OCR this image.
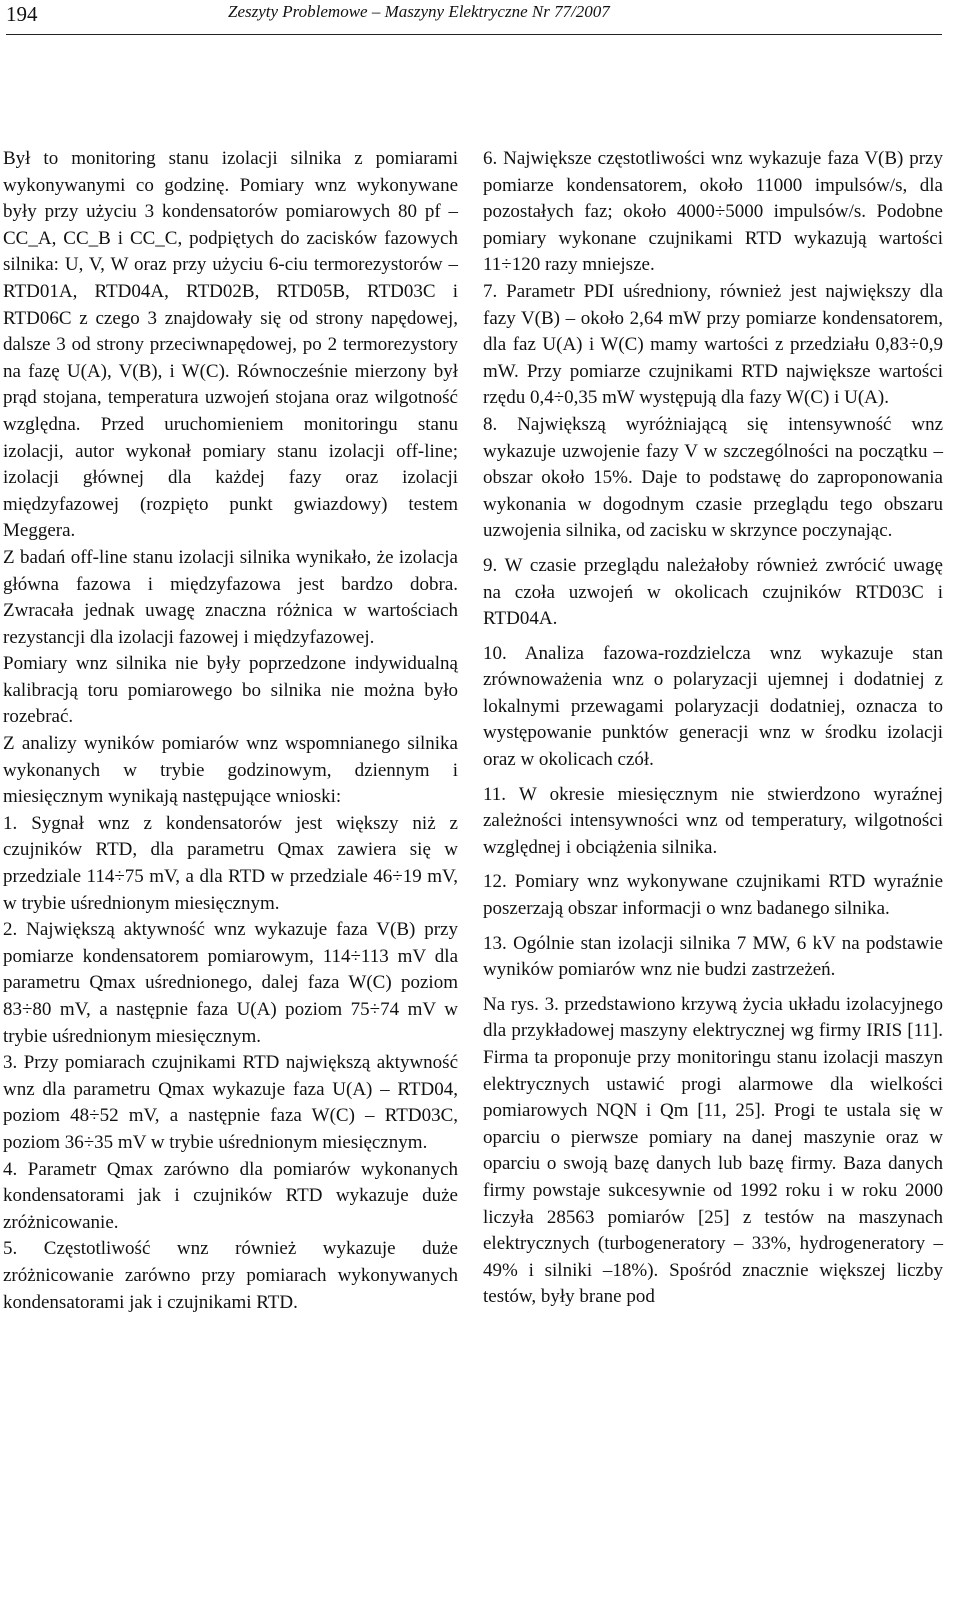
194	Zeszyty Problemowe – Maszyny Elektryczne Nr 77/2007

Był to monitoring stanu izolacji silnika z pomiarami wykonywanymi co godzinę. Pomiary wnz wykonywane były przy użyciu 3 kondensatorów pomiarowych 80 pf – CC_A, CC_B i CC_C, podpiętych do zacisków fazowych silnika: U, V, W oraz przy użyciu 6-ciu termorezystorów – RTD01A, RTD04A, RTD02B, RTD05B, RTD03C i RTD06C z czego 3 znajdowały się od strony napędowej, dalsze 3 od strony przeciwnapędowej, po 2 termorezystory na fazę U(A), V(B), i W(C). Równocześnie mierzony był prąd stojana, temperatura uzwojeń stojana oraz wilgotność względna. Przed uruchomieniem monitoringu stanu izolacji, autor wykonał pomiary stanu izolacji off-line; izolacji głównej dla każdej fazy oraz izolacji międzyfazowej (rozpięto punkt gwiazdowy) testem Meggera.

Z badań off-line stanu izolacji silnika wynikało, że izolacja główna fazowa i międzyfazowa jest bardzo dobra. Zwracała jednak uwagę znaczna różnica w wartościach rezystancji dla izolacji fazowej i międzyfazowej.

Pomiary wnz silnika nie były poprzedzone indywidualną kalibracją toru pomiarowego bo silnika nie można było rozebrać.

Z analizy wyników pomiarów wnz wspomnianego silnika wykonanych w trybie godzinowym, dziennym i miesięcznym wynikają następujące wnioski:

1. Sygnał wnz z kondensatorów jest większy niż z czujników RTD, dla parametru Qmax zawiera się w przedziale 114÷75 mV, a dla RTD w przedziale 46÷19 mV, w trybie uśrednionym miesięcznym.

2. Największą aktywność wnz wykazuje faza V(B) przy pomiarze kondensatorem pomiarowym, 114÷113 mV dla parametru Qmax uśrednionego, dalej faza W(C) poziom 83÷80 mV, a następnie faza U(A) poziom 75÷74 mV w trybie uśrednionym miesięcznym.

3. Przy pomiarach czujnikami RTD największą aktywność wnz dla parametru Qmax wykazuje faza U(A) – RTD04, poziom 48÷52 mV, a następnie faza W(C) – RTD03C, poziom 36÷35 mV w trybie uśrednionym miesięcznym.

4. Parametr Qmax zarówno dla pomiarów wykonanych kondensatorami jak i czujników RTD wykazuje duże zróżnicowanie.

5. Częstotliwość wnz również wykazuje duże zróżnicowanie zarówno przy pomiarach wykonywanych kondensatorami jak i czujnikami RTD.

6. Największe częstotliwości wnz wykazuje faza V(B) przy pomiarze kondensatorem, około 11000 impulsów/s, dla pozostałych faz; około 4000÷5000 impulsów/s. Podobne pomiary wykonane czujnikami RTD wykazują wartości 11÷120 razy mniejsze.

7. Parametr PDI uśredniony, również jest największy dla fazy V(B) – około 2,64 mW przy pomiarze kondensatorem, dla faz U(A) i W(C) mamy wartości z przedziału 0,83÷0,9 mW. Przy pomiarze czujnikami RTD największe wartości rzędu 0,4÷0,35 mW występują dla fazy W(C) i U(A).

8. Największą wyróżniającą się intensywność wnz wykazuje uzwojenie fazy V w szczególności na początku – obszar około 15%. Daje to podstawę do zaproponowania wykonania w dogodnym czasie przeglądu tego obszaru uzwojenia silnika, od zacisku w skrzynce poczynając.

9. W czasie przeglądu należałoby również zwrócić uwagę na czoła uzwojeń w okolicach czujników RTD03C i RTD04A.

10. Analiza fazowa-rozdzielcza wnz wykazuje stan zrównoważenia wnz o polaryzacji ujemnej i dodatniej z lokalnymi przewagami polaryzacji dodatniej, oznacza to występowanie punktów generacji wnz w środku izolacji oraz w okolicach czół.

11. W okresie miesięcznym nie stwierdzono wyraźnej zależności intensywności wnz od temperatury, wilgotności względnej i obciążenia silnika.

12. Pomiary wnz wykonywane czujnikami RTD wyraźnie poszerzają obszar informacji o wnz badanego silnika.

13. Ogólnie stan izolacji silnika 7 MW, 6 kV na podstawie wyników pomiarów wnz nie budzi zastrzeżeń.

Na rys. 3. przedstawiono krzywą życia układu izolacyjnego dla przykładowej maszyny elektrycznej wg firmy IRIS [11]. Firma ta proponuje przy monitoringu stanu izolacji maszyn elektrycznych ustawić progi alarmowe dla wielkości pomiarowych NQN i Qm [11, 25]. Progi te ustala się w oparciu o pierwsze pomiary na danej maszynie oraz w oparciu o swoją bazę danych lub bazę firmy. Baza danych firmy powstaje sukcesywnie od 1992 roku i w roku 2000 liczyła 28563 pomiarów [25] z testów na maszynach elektrycznych (turbogeneratory – 33%, hydrogeneratory –49% i silniki –18%). Spośród znacznie większej liczby testów, były brane pod
